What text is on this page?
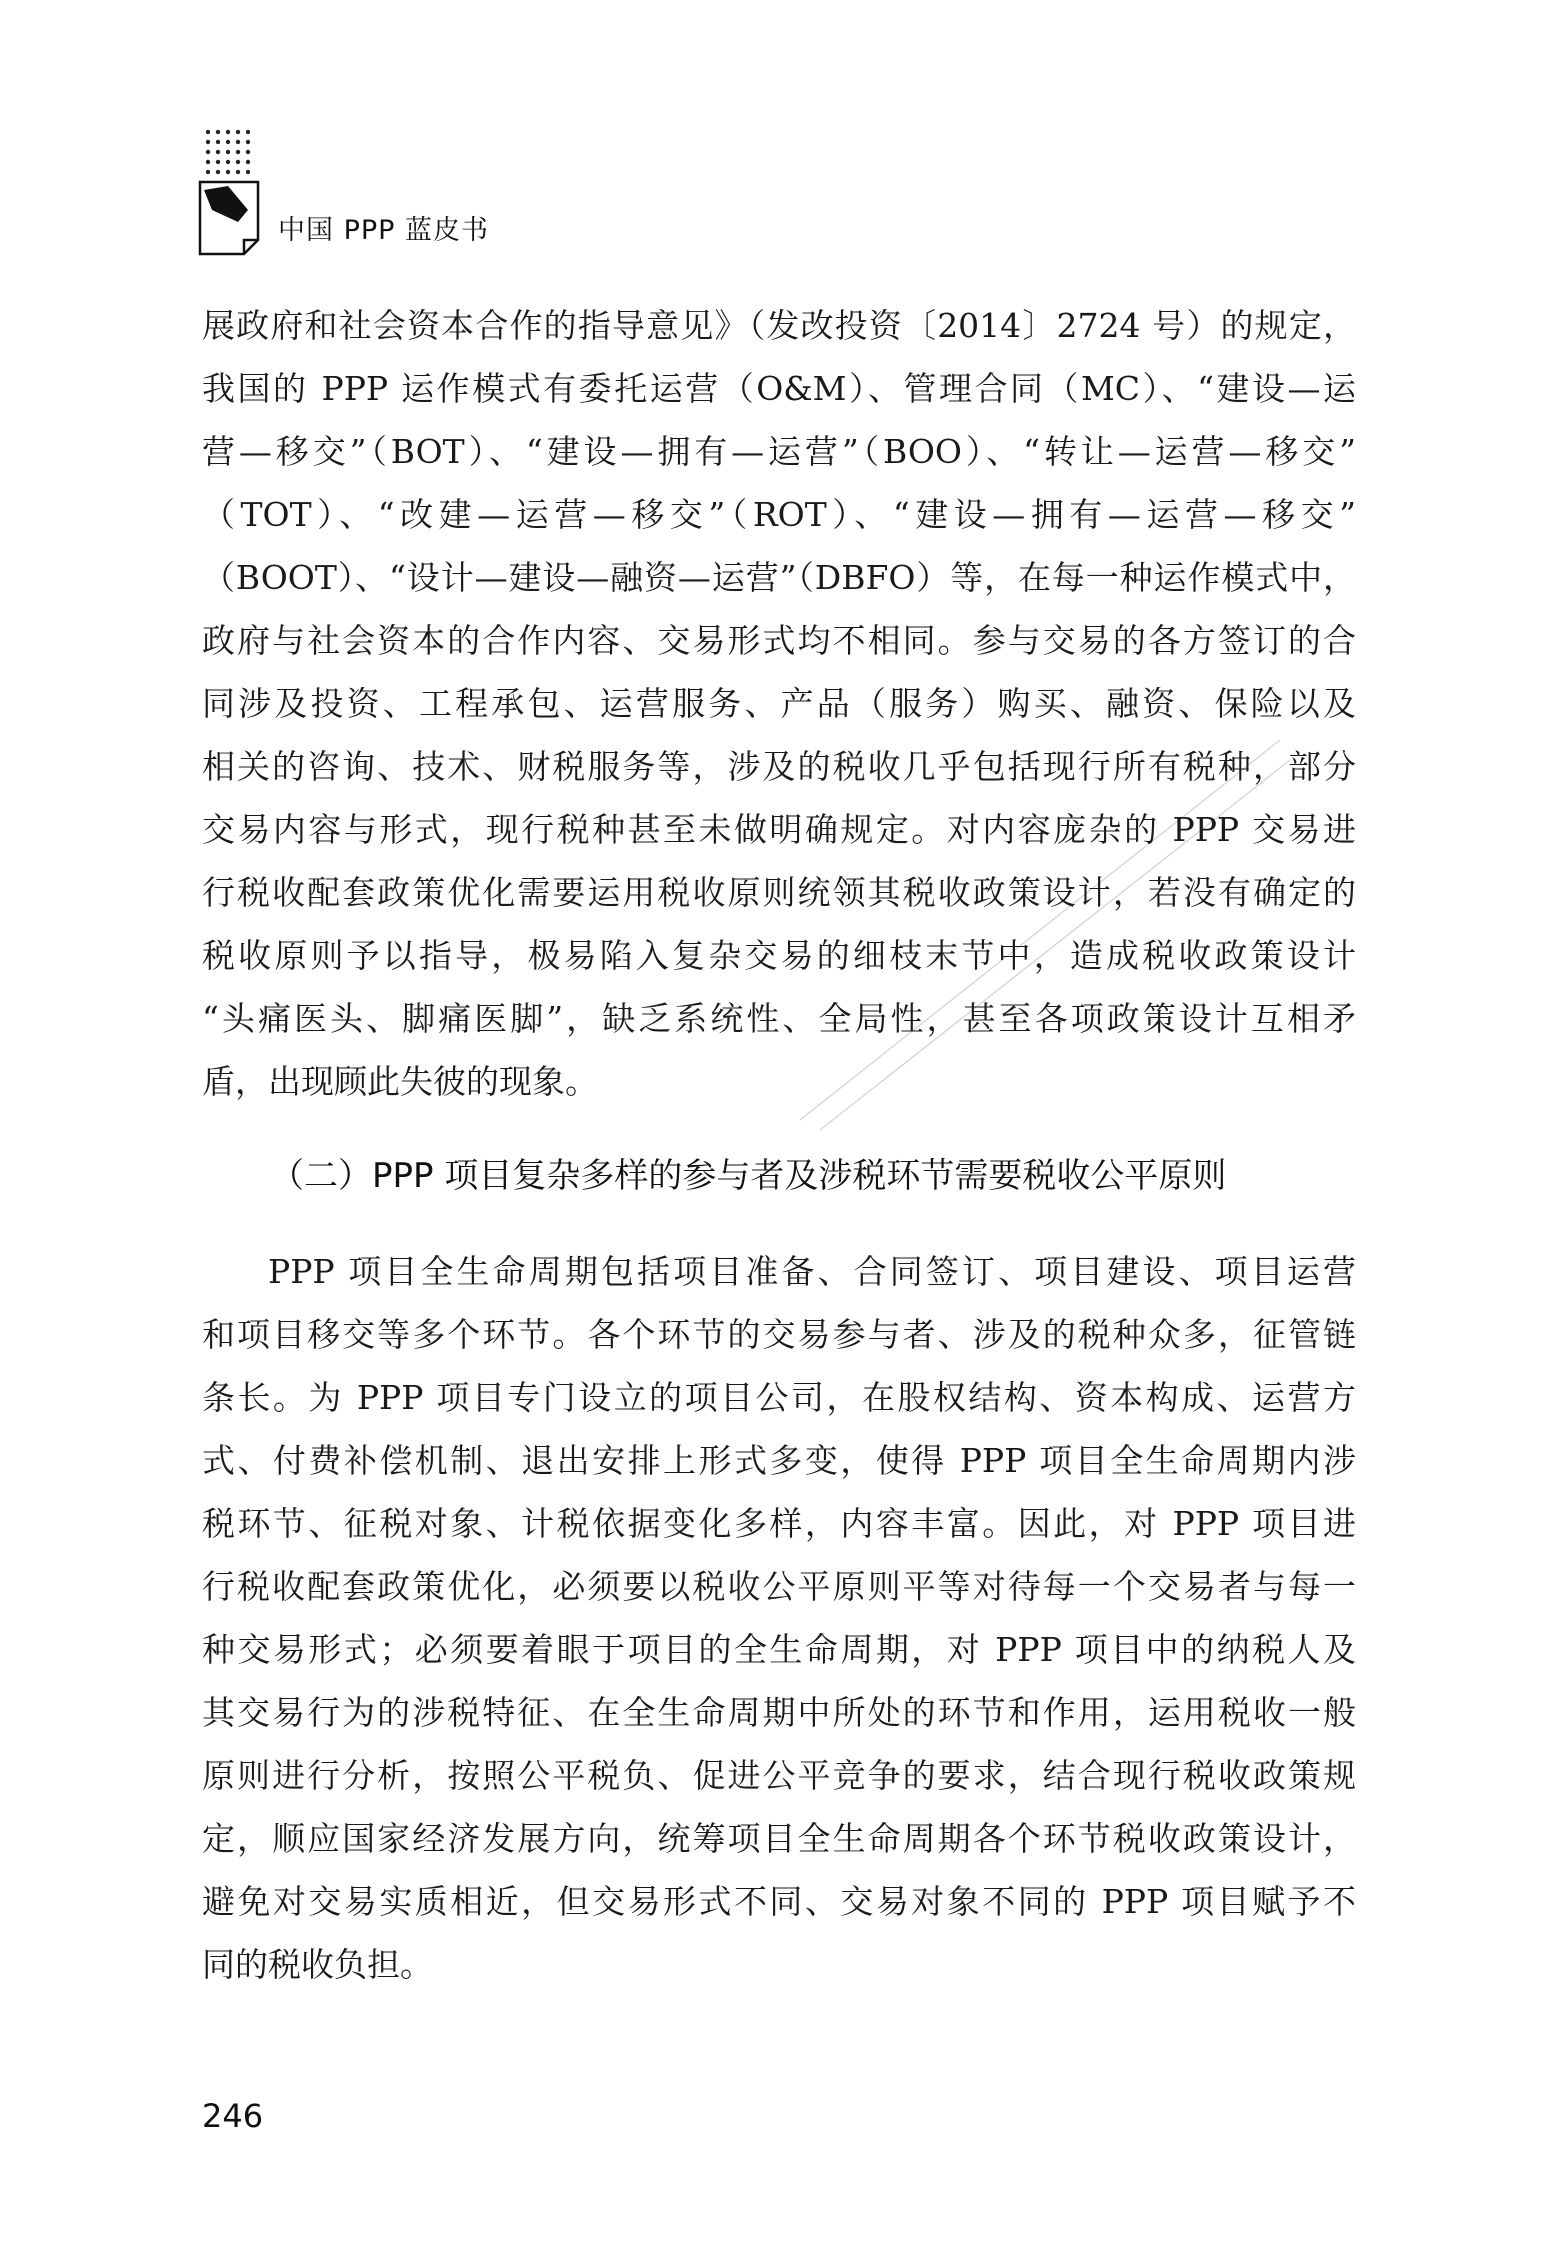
中国 PPP 蓝皮书
展政府和社会资本合作的指导意见》（发改投资〔2014〕2724 号）的规定，
我国的 PPP 运作模式有委托运营（O&M）、管理合同（MC）、“建设—运
营—移交”（BOT）、“建设—拥有—运营”（BOO）、“转让—运营—移交”
（TOT）、“改建—运营—移交”（ROT）、“建设—拥有—运营—移交”
（BOOT）、“设计—建设—融资—运营”（DBFO）等，在每一种运作模式中，
政府与社会资本的合作内容、交易形式均不相同。参与交易的各方签订的合
同涉及投资、工程承包、运营服务、产品（服务）购买、融资、保险以及
相关的咨询、技术、财税服务等，涉及的税收几乎包括现行所有税种，部分
交易内容与形式，现行税种甚至未做明确规定。对内容庞杂的 PPP 交易进
行税收配套政策优化需要运用税收原则统领其税收政策设计，若没有确定的
税收原则予以指导，极易陷入复杂交易的细枝末节中，造成税收政策设计
“头痛医头、脚痛医脚”，缺乏系统性、全局性，甚至各项政策设计互相矛
盾，出现顾此失彼的现象。
（二）PPP 项目复杂多样的参与者及涉税环节需要税收公平原则
PPP 项目全生命周期包括项目准备、合同签订、项目建设、项目运营
和项目移交等多个环节。各个环节的交易参与者、涉及的税种众多，征管链
条长。为 PPP 项目专门设立的项目公司，在股权结构、资本构成、运营方
式、付费补偿机制、退出安排上形式多变，使得 PPP 项目全生命周期内涉
税环节、征税对象、计税依据变化多样，内容丰富。因此，对 PPP 项目进
行税收配套政策优化，必须要以税收公平原则平等对待每一个交易者与每一
种交易形式；必须要着眼于项目的全生命周期，对 PPP 项目中的纳税人及
其交易行为的涉税特征、在全生命周期中所处的环节和作用，运用税收一般
原则进行分析，按照公平税负、促进公平竞争的要求，结合现行税收政策规
定，顺应国家经济发展方向，统筹项目全生命周期各个环节税收政策设计，
避免对交易实质相近，但交易形式不同、交易对象不同的 PPP 项目赋予不
同的税收负担。
246
